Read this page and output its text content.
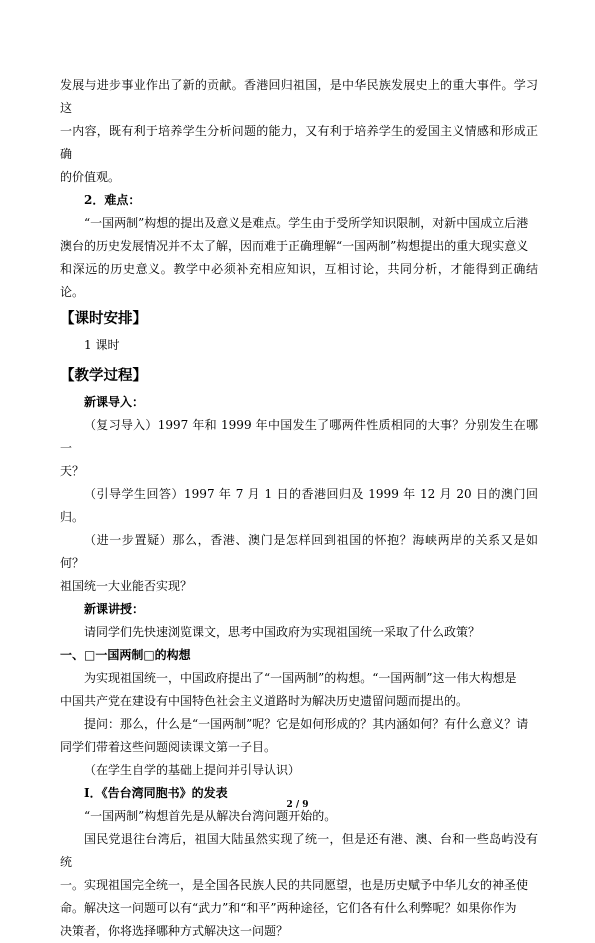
发展与进步事业作出了新的贡献。香港回归祖国，是中华民族发展史上的重大事件。学习这

一内容，既有利于培养学生分析问题的能力，又有利于培养学生的爱国主义情感和形成正确

的价值观。

2．难点：

“一国两制”构想的提出及意义是难点。学生由于受所学知识限制，对新中国成立后港

澳台的历史发展情况并不太了解，因而难于正确理解“一国两制”构想提出的重大现实意义

和深远的历史意义。教学中必须补充相应知识，互相讨论，共同分析，才能得到正确结论。

【课时安排】

1 课时

【教学过程】

新课导入：

（复习导入）1997 年和 1999 年中国发生了哪两件性质相同的大事？分别发生在哪一

天？

（引导学生回答）1997 年 7 月 1 日的香港回归及 1999 年 12 月 20 日的澳门回归。

（进一步置疑）那么，香港、澳门是怎样回到祖国的怀抱？海峡两岸的关系又是如何？

祖国统一大业能否实现？

新课讲授：

请同学们先快速浏览课文，思考中国政府为实现祖国统一采取了什么政策？

一、□一国两制□的构想

为实现祖国统一，中国政府提出了“一国两制”的构想。“一国两制”这一伟大构想是

中国共产党在建设有中国特色社会主义道路时为解决历史遗留问题而提出的。

提问：那么，什么是“一国两制”呢？它是如何形成的？其内涵如何？有什么意义？请

同学们带着这些问题阅读课文第一子目。

（在学生自学的基础上提问并引导认识）

I．《告台湾同胞书》的发表

“一国两制”构想首先是从解决台湾问题开始的。

国民党退往台湾后，祖国大陆虽然实现了统一，但是还有港、澳、台和一些岛屿没有统

一。实现祖国完全统一，是全国各民族人民的共同愿望，也是历史赋予中华儿女的神圣使

命。解决这一问题可以有“武力”和“和平”两种途径，它们各有什么利弊呢？如果你作为

决策者，你将选择哪种方式解决这一问题？

2 / 9
